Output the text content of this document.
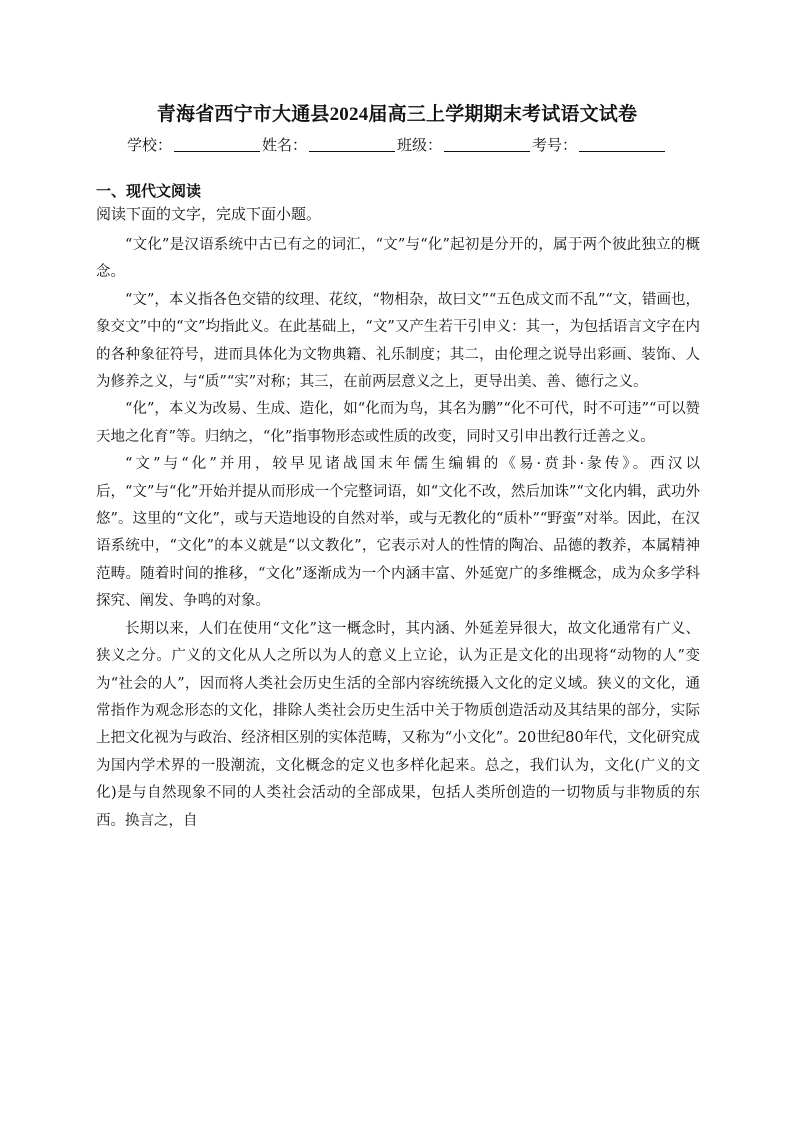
青海省西宁市大通县2024届高三上学期期末考试语文试卷
学校：	姓名：	班级：	考号：
一、现代文阅读
阅读下面的文字，完成下面小题。

“文化”是汉语系统中古已有之的词汇，“文”与“化”起初是分开的，属于两个彼此独立的概念。

“文”，本义指各色交错的纹理、花纹，“物相杂，故曰文”“五色成文而不乱”“文，错画也，象交文”中的“文”均指此义。在此基础上，“文”又产生若干引申义：其一，为包括语言文字在内的各种象征符号，进而具体化为文物典籍、礼乐制度；其二，由伦理之说导出彩画、装饰、人为修养之义，与“质”“实”对称；其三，在前两层意义之上，更导出美、善、德行之义。

“化”，本义为改易、生成、造化，如“化而为鸟，其名为鹏”“化不可代，时不可违”“可以赞天地之化育”等。归纳之，“化”指事物形态或性质的改变，同时又引申出教行迁善之义。

“文”与“化”并用，较早见诸战国末年儒生编辑的《易·贲卦·彖传》。西汉以后，“文”与“化”开始并提从而形成一个完整词语，如“文化不改，然后加诛”“文化内辑，武功外悠”。这里的“文化”，或与天造地设的自然对举，或与无教化的“质朴”“野蛮”对举。因此，在汉语系统中，“文化”的本义就是“以文教化”，它表示对人的性情的陶冶、品德的教养，本属精神范畴。随着时间的推移，“文化”逐渐成为一个内涵丰富、外延宽广的多维概念，成为众多学科探究、阐发、争鸣的对象。

长期以来，人们在使用“文化”这一概念时，其内涵、外延差异很大，故文化通常有广义、狭义之分。广义的文化从人之所以为人的意义上立论，认为正是文化的出现将“动物的人”变为“社会的人”，因而将人类社会历史生活的全部内容统统摄入文化的定义域。狭义的文化，通常指作为观念形态的文化，排除人类社会历史生活中关于物质创造活动及其结果的部分，实际上把文化视为与政治、经济相区别的实体范畴，又称为“小文化”。20世纪80年代，文化研究成为国内学术界的一股潮流，文化概念的定义也多样化起来。总之，我们认为，文化(广义的文化)是与自然现象不同的人类社会活动的全部成果，包括人类所创造的一切物质与非物质的东西。换言之，自
